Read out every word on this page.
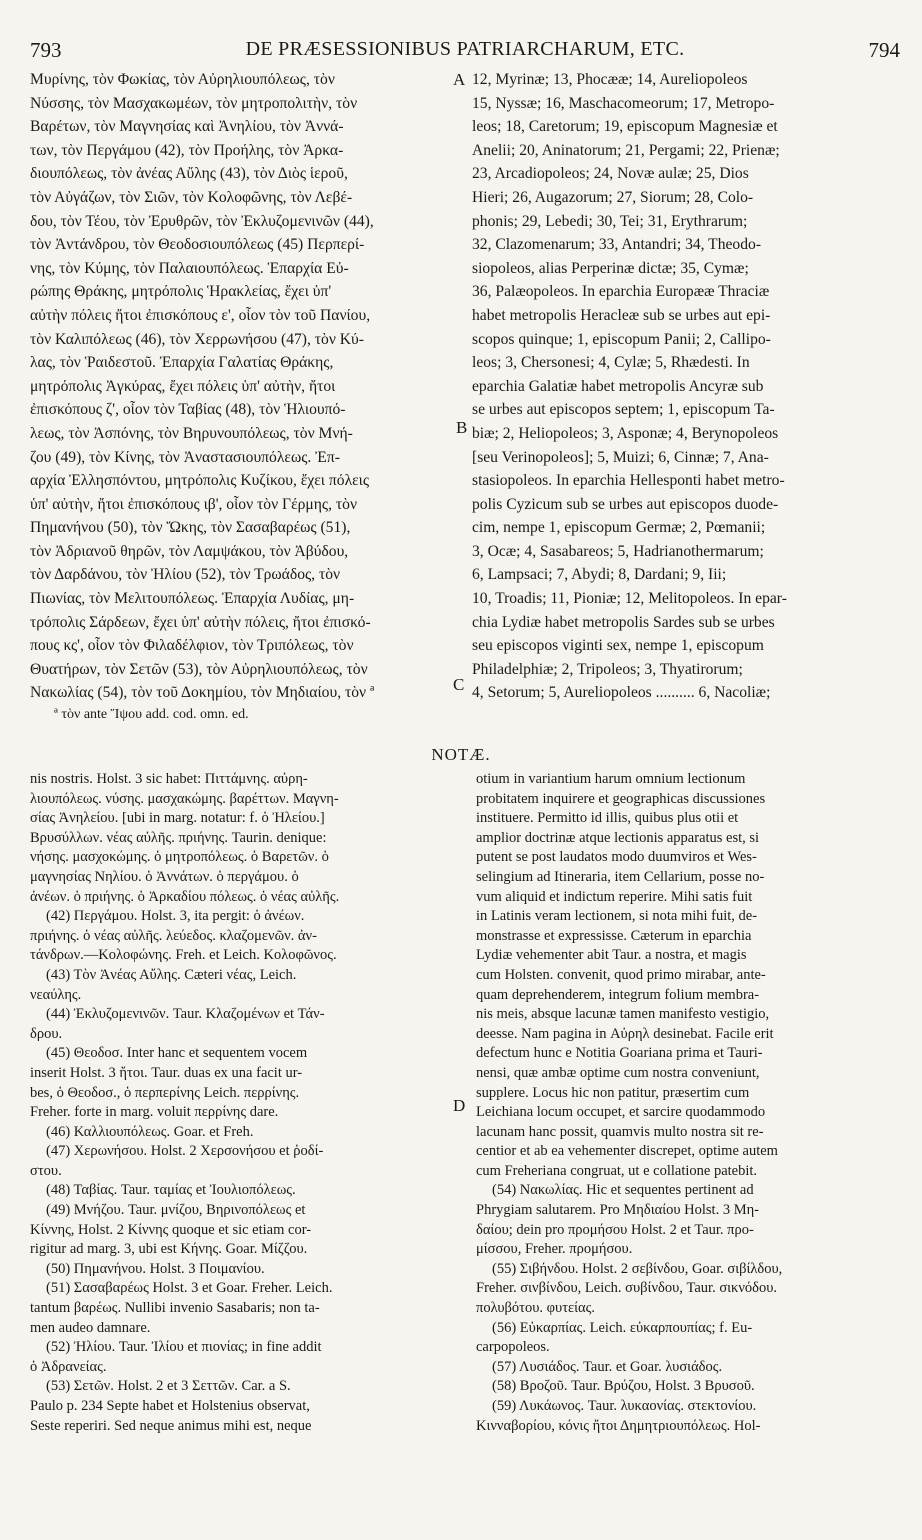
793	DE PRÆSESSIONIBUS PATRIARCHARUM, ETC.	794
Μυρίνης, τὸν Φωκίας, τὸν Αὐρηλιουπόλεως, τὸν
Νύσσης, τὸν Μασχακωμέων, τὸν μητροπολιτὴν, τὸν
Βαρέτων, τὸν Μαγνησίας καὶ Ἀνηλίου, τὸν Ἀννά-
των, τὸν Περγάμου (42), τὸν Προήλης, τὸν Ἀρκα-
διουπόλεως, τὸν ἀνέας Αὔλης (43), τὸν Διὸς ἱεροῦ,
τὸν Αὐγάζων, τὸν Σιῶν, τὸν Κολοφῶνης, τὸν Λεβέ-
δου, τὸν Τέου, τὸν Ἐρυθρῶν, τὸν Ἐκλυζομενινῶν (44),
τὸν Ἀντάνδρου, τὸν Θεοδοσιουπόλεως (45) Περπερί-
νης, τὸν Κύμης, τὸν Παλαιουπόλεως. Ἐπαρχία Εὐ-
ρώπης Θράκης, μητρόπολις Ἡρακλείας, ἔχει ὑπ'
αὐτὴν πόλεις ἤτοι ἐπισκόπους ε', οἷον τὸν τοῦ Πανίου,
τὸν Καλιπόλεως (46), τὸν Χερρωνήσου (47), τὸν Κύ-
λας, τὸν Ῥαιδεστοῦ. Ἐπαρχία Γαλατίας Θράκης,
μητρόπολις Ἀγκύρας, ἔχει πόλεις ὑπ' αὐτὴν, ἤτοι
ἐπισκόπους ζ', οἷον τὸν Ταβίας (48), τὸν Ἡλιουπό-
λεως, τὸν Ἀσπόνης, τὸν Βηρυνουπόλεως, τὸν Μνή-
ζου (49), τὸν Κίνης, τὸν Ἀναστασιουπόλεως. Ἐπ-
αρχία Ἑλλησπόντου, μητρόπολις Κυζίκου, ἔχει πόλεις
ὑπ' αὐτὴν, ἤτοι ἐπισκόπους ιβ', οἷον τὸν Γέρμης, τὸν
Πημανήνου (50), τὸν Ὤκης, τὸν Σασαβαρέως (51),
τὸν Ἀδριανοῦ θηρῶν, τὸν Λαμψάκου, τὸν Ἀβύδου,
τὸν Δαρδάνου, τὸν Ἠλίου (52), τὸν Τρωάδος, τὸν
Πιωνίας, τὸν Μελιτουπόλεως. Ἐπαρχία Λυδίας, μη-
τρόπολις Σάρδεων, ἔχει ὑπ' αὐτὴν πόλεις, ἤτοι ἐπισκό-
πους κς', οἷον τὸν Φιλαδέλφιον, τὸν Τριπόλεως, τὸν
Θυατήρων, τὸν Σετῶν (53), τὸν Αὐρηλιουπόλεως, τὸν
Νακωλίας (54), τὸν τοῦ Δοκημίου, τὸν Μηδιαίου, τὸν ª
12, Myrinæ; 13, Phocææ; 14, Aureliopoleos
15, Nyssæ; 16, Maschacomeorum; 17, Metropo-
leos; 18, Caretorum; 19, episcopum Magnesiæ et
Anelii; 20, Aninatorum; 21, Pergami; 22, Prienæ;
23, Arcadiopoleos; 24, Novæ aulæ; 25, Dios
Hieri; 26, Augazorum; 27, Siorum; 28, Colo-
phonis; 29, Lebedi; 30, Tei; 31, Erythrarum;
32, Clazomenarum; 33, Antandri; 34, Theodo-
siopoleos, alias Perperinæ dictæ; 35, Cymæ;
36, Palæopoleos. In eparchia Europææ Thraciæ
habet metropolis Heracleæ sub se urbes aut epi-
scopos quinque; 1, episcopum Panii; 2, Callipo-
leos; 3, Chersonesi; 4, Cylæ; 5, Rhædesti. In
eparchia Galatiæ habet metropolis Ancyræ sub
se urbes aut episcopos septem; 1, episcopum Ta-
biæ; 2, Heliopoleos; 3, Asponæ; 4, Berynopoleos
[seu Verinopoleos]; 5, Muizi; 6, Cinnæ; 7, Ana-
stasiopoleos. In eparchia Hellesponti habet metro-
polis Cyzicum sub se urbes aut episcopos duode-
cim, nempe 1, episcopum Germæ; 2, Pœmanii;
3, Ocæ; 4, Sasabareos; 5, Hadrianothermarum;
6, Lampsaci; 7, Abydi; 8, Dardani; 9, Iii;
10, Troadis; 11, Pioniæ; 12, Melitopoleos. In epar-
chia Lydiæ habet metropolis Sardes sub se urbes
seu episcopos viginti sex, nempe 1, episcopum
Philadelphiæ; 2, Tripoleos; 3, Thyatirorum;
4, Setorum; 5, Aureliopoleos .......... 6, Nacoliæ;
A
B
C
D
ª τὸν ante Ἴψου add. cod. omn. ed.
NOTÆ.
nis nostris. Holst. 3 sic habet: Πιττάμνης. αὐρη-
λιουπόλεως. νύσης. μασχακώμης. βαρέττων. Μαγνη-
σίας Ἀνηλείου. [ubi in marg. notatur: f. ὁ Ἠλείου.]
Βρυσύλλων. νέας αὐλῆς. πριήνης. Taurin. denique:
νήσης. μασχοκώμης. ὁ μητροπόλεως. ὁ Βαρετῶν. ὁ
μαγνησίας Νηλίου. ὁ Ἀννάτων. ὁ περγάμου. ὁ
ἀνέων. ὁ πριήνης. ὁ Ἀρκαδίου πόλεως. ὁ νέας αὐλῆς.
(42) Περγάμου. Holst. 3, ita pergit: ὁ ἀνέων.
πριήνης. ὁ νέας αὐλῆς. λεύεδος. κλαζομενῶν. ἀν-
τάνδρων.—Κολοφώνης. Freh. et Leich. Κολοφῶνος.
(43) Τὸν Ἀνέας Αὔλης. Cæteri νέας, Leich.
νεαύλης.
(44) Ἐκλυζομενινῶν. Taur. Κλαζομένων et Τάν-
δρου.
(45) Θεοδοσ. Inter hanc et sequentem vocem
inserit Holst. 3 ἤτοι. Taur. duas ex una facit ur-
bes, ὁ Θεοδοσ., ὁ περπερίνης Leich. περρίνης.
Freher. forte in marg. voluit περρίνης dare.
(46) Καλλιουπόλεως. Goar. et Freh.
(47) Χερωνήσου. Holst. 2 Χερσονήσου et ῥοδί-
στου.
(48) Ταβίας. Taur. ταμίας et Ἰουλιοπόλεως.
(49) Μνήζου. Taur. μνίζου, Βηρινοπόλεως et
Κίννης, Holst. 2 Κίννης quoque et sic etiam cor-
rigitur ad marg. 3, ubi est Κήνης. Goar. Μίζζου.
(50) Πημανήνου. Holst. 3 Ποιμανίου.
(51) Σασαβαρέως Holst. 3 et Goar. Freher. Leich.
tantum βαρέως. Nullibi invenio Sasabaris; non ta-
men audeo damnare.
(52) Ἠλίου. Taur. Ἰλίου et πιονίας; in fine addit
ὁ Ἀδρανείας.
(53) Σετῶν. Holst. 2 et 3 Σεττῶν. Car. a S.
Paulo p. 234 Septe habet et Holstenius observat,
Seste reperiri. Sed neque animus mihi est, neque
otium in variantium harum omnium lectionum
probitatem inquirere et geographicas discussiones
instituere. Permitto id illis, quibus plus otii et
amplior doctrinæ atque lectionis apparatus est, si
putent se post laudatos modo duumviros et Wes-
selingium ad Itineraria, item Cellarium, posse no-
vum aliquid et indictum reperire. Mihi satis fuit
in Latinis veram lectionem, si nota mihi fuit, de-
monstrasse et expressisse. Cæterum in eparchia
Lydiæ vehementer abit Taur. a nostra, et magis
cum Holsten. convenit, quod primo mirabar, ante-
quam deprehenderem, integrum folium membra-
nis meis, absque lacunæ tamen manifesto vestigio,
deesse. Nam pagina in Αὐρηλ desinebat. Facile erit
defectum hunc e Notitia Goariana prima et Tauri-
nensi, quæ ambæ optime cum nostra conveniunt,
supplere. Locus hic non patitur, præsertim cum
Leichiana locum occupet, et sarcire quodammodo
lacunam hanc possit, quamvis multo nostra sit re-
centior et ab ea vehementer discrepet, optime autem
cum Freheriana congruat, ut e collatione patebit.
(54) Νακωλίας. Hic et sequentes pertinent ad
Phrygiam salutarem. Pro Μηδιαίου Holst. 3 Μη-
δαίου; dein pro προμήσου Holst. 2 et Taur. προ-
μίσσου, Freher. προμήσου.
(55) Σιβήνδου. Holst. 2 σεβίνδου, Goar. σιβίλδου,
Freher. σινβίνδου, Leich. συβίνδου, Taur. σικνόδου.
πολυβότου. φυτείας.
(56) Εὐκαρπίας. Leich. εὐκαρπουπίας; f. Eu-
carpopoleos.
(57) Λυσιάδος. Taur. et Goar. λυσιάδος.
(58) Βροζοῦ. Taur. Βρύζου, Holst. 3 Βρυσοῦ.
(59) Λυκάωνος. Taur. λυκαονίας. στεκτονίου.
Κινναβορίου, κόνις ἤτοι Δημητριουπόλεως. Hol-
